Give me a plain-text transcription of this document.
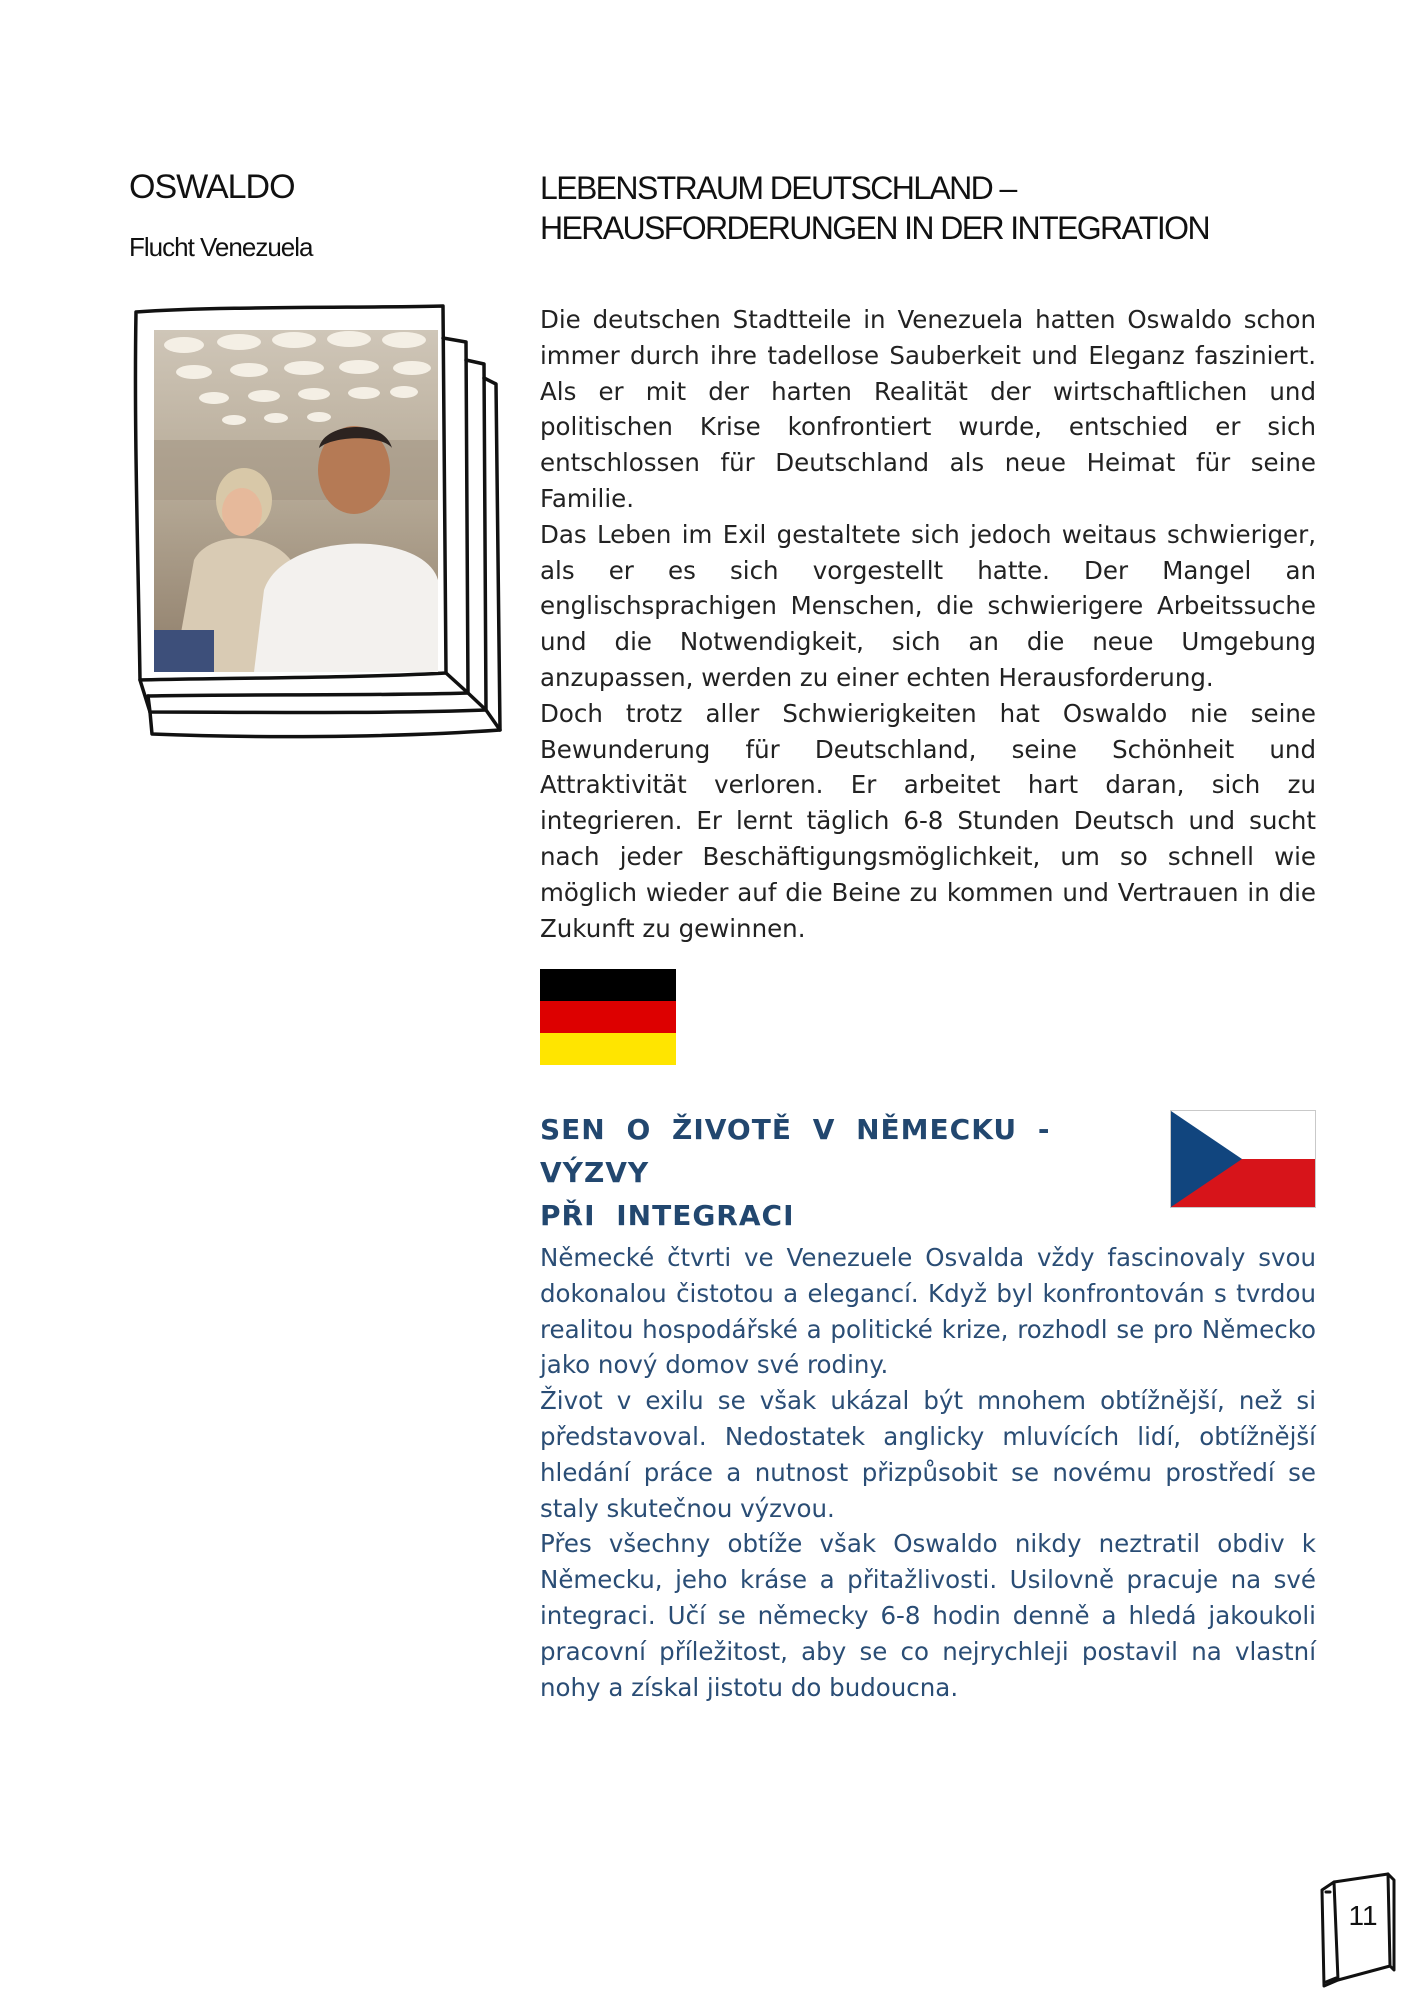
OSWALDO
Flucht Venezuela
LEBENSTRAUM DEUTSCHLAND –
HERAUSFORDERUNGEN IN DER INTEGRATION

Die deutschen Stadtteile in Venezuela hatten Oswaldo schon immer durch ihre tadellose Sauberkeit und Eleganz fasziniert. Als er mit der harten Realität der wirtschaftlichen und politischen Krise konfrontiert wurde, entschied er sich entschlossen für Deutschland als neue Heimat für seine Familie.

Das Leben im Exil gestaltete sich jedoch weitaus schwieriger, als er es sich vorgestellt hatte. Der Mangel an englischsprachigen Menschen, die schwierigere Arbeitssuche und die Notwendigkeit, sich an die neue Umgebung anzupassen, werden zu einer echten Herausforderung.

Doch trotz aller Schwierigkeiten hat Oswaldo nie seine Bewunderung für Deutschland, seine Schönheit und Attraktivität verloren. Er arbeitet hart daran, sich zu integrieren. Er lernt täglich 6-8 Stunden Deutsch und sucht nach jeder Beschäftigungsmöglichkeit, um so schnell wie möglich wieder auf die Beine zu kommen und Vertrauen in die Zukunft zu gewinnen.

SEN O ŽIVOTĚ V NĚMECKU - VÝZVY
PŘI INTEGRACI

Německé čtvrti ve Venezuele Osvalda vždy fascinovaly svou dokonalou čistotou a elegancí. Když byl konfrontován s tvrdou realitou hospodářské a politické krize, rozhodl se pro Německo jako nový domov své rodiny.

Život v exilu se však ukázal být mnohem obtížnější, než si představoval. Nedostatek anglicky mluvících lidí, obtížnější hledání práce a nutnost přizpůsobit se novému prostředí se staly skutečnou výzvou.

Přes všechny obtíže však Oswaldo nikdy neztratil obdiv k Německu, jeho kráse a přitažlivosti. Usilovně pracuje na své integraci. Učí se německy 6-8 hodin denně a hledá jakoukoli pracovní příležitost, aby se co nejrychleji postavil na vlastní nohy a získal jistotu do budoucna.

11
